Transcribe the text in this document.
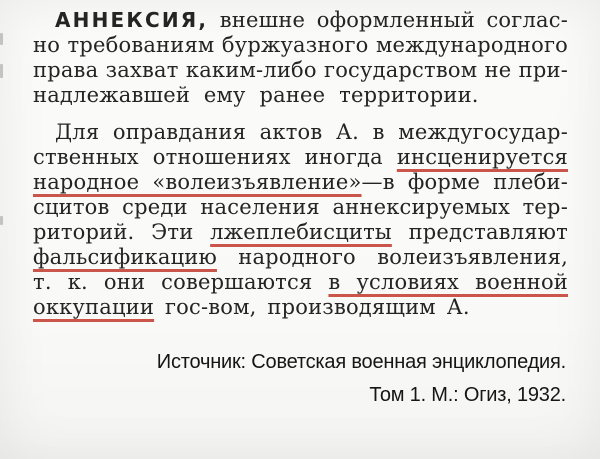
АННЕКСИЯ, внешне оформленный соглас-
но требованиям буржуазного международного
права захват каким-либо государством не при-
надлежавшей ему ранее территории.
Для оправдания актов А. в междугосудар-
ственных отношениях иногда инсценируется
народное «волеизъявление»—в форме плеби-
сцитов среди населения аннексируемых тер-
риторий. Эти лжеплебисциты представляют
фальсификацию народного волеизъявления,
т. к. они совершаются в условиях военной
оккупации гос-вом, производящим А.
Источник: Советская военная энциклопедия.
Том 1. М.: Огиз, 1932.
